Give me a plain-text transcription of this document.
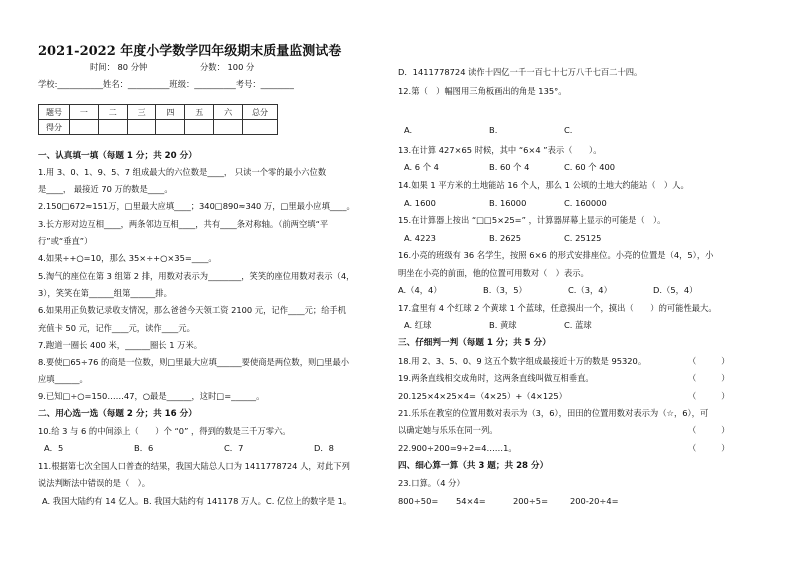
2021-2022 年度小学数学四年级期末质量监测试卷
时间： 80 分钟	分数： 100 分
学校:___________姓名：__________班级：__________考号：________
题号	一	二	三	四	五	六	总分
得分							
一、认真填一填（每题 1 分；共 20 分）
1.用 3、0、1、9、5、7 组成最大的六位数是____， 只读一个零的最小六位数
是____， 最接近 70 万的数是____。
2.150□672≈151万，□里最大应填____；340□890≈340 万，□里最小应填____。
3.长方形对边互相____，两条邻边互相____，共有____条对称轴。（前两空填“平
行”或“垂直”）
4.如果÷+○=10，那么 35×÷+○×35=____。
5.淘气的座位在第 3 组第 2 排，用数对表示为________，笑笑的座位用数对表示（4，
3），笑笑在第______组第______排。
6.如果用正负数记录收支情况，那么爸爸今天领工资 2100 元，记作____元；给手机
充值卡 50 元，记作____元，读作____元。
7.跑道一圈长 400 米，______圈长 1 万米。
8.要使□65÷76 的商是一位数，则□里最大应填______要使商是两位数，则□里最小
应填______。
9.已知□÷○=150……47，○最是______，这时□=______。
二、用心选一选（每题 2 分；共 16 分）
10.给 3 与 6 的中间添上（　　）个 “0” ，得到的数是三千万零六。
A．5	B．6	C．7	D．8
11.根据第七次全国人口普查的结果，我国大陆总人口为 1411778724 人，对此下列
说法判断法中错误的是（　）。
A. 我国大陆约有 14 亿人。B. 我国大陆约有 141178 万人。C. 亿位上的数字是 1。
D．1411778724 读作十四亿一千一百七十七万八千七百二十四。
12.第（　）幅图用三角板画出的角是 135°。
A.	B.	C.
13.在计算 427×65 时候，其中 “6×4 ”表示（　　）。
A. 6 个 4	B. 60 个 4	C. 60 个 400
14.如果 1 平方米的土地能站 16 个人，那么 1 公顷的土地大约能站（　）人。
A. 1600	B. 16000	C. 160000
15.在计算器上按出 “□□5×25=” ，计算器屏幕上显示的可能是（　）。
A. 4223	B. 2625	C. 25125
16.小亮的班级有 36 名学生，按照 6×6 的形式安排座位。小亮的位置是（4，5），小
明坐在小亮的前面，他的位置可用数对（　）表示。
A.（4，4）	B.（3，5）	C.（3，4）	D.（5，4）
17.盒里有 4 个红球 2 个黄球 1 个蓝球，任意摸出一个，摸出（　　）的可能性最大。
A. 红球	B. 黄球	C. 蓝球
三、仔细判一判（每题 1 分；共 5 分）
18.用 2、3、5、0、9 这五个数字组成最接近十万的数是 95320。	（　　　）
19.两条直线相交成角时，这两条直线叫做互相垂直。	（　　　）
20.125×4×25×4=（4×25）+（4×125）	（　　　）
21.乐乐在教室的位置用数对表示为（3，6），田田的位置用数对表示为（☆，6），可
以确定她与乐乐在同一列。	（　　　）
22.900÷200=9÷2=4……1。	（　　　）
四、细心算一算（共 3 题；共 28 分）
23.口算。（4 分）
800÷50= 54×4=	200÷5=	200-20÷4=
